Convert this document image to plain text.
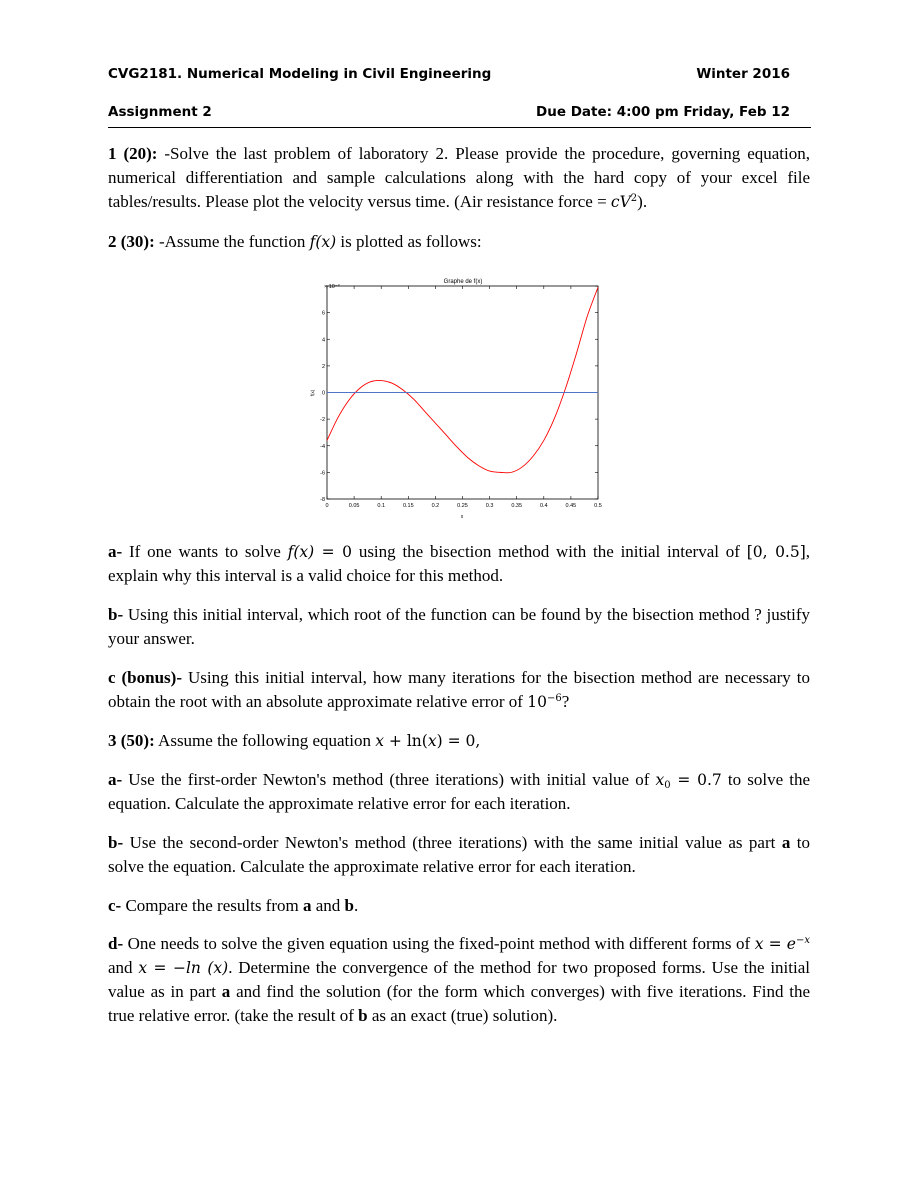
CVG2181. Numerical Modeling in Civil Engineering	Winter 2016
Assignment 2	Due Date: 4:00 pm Friday, Feb 12
1 (20): -Solve the last problem of laboratory 2. Please provide the procedure, governing equation, numerical differentiation and sample calculations along with the hard copy of your excel file tables/results. Please plot the velocity versus time. (Air resistance force = $cV^2$).
2 (30): -Assume the function f(x) is plotted as follows:
0	0.05	0.1	0.15	0.2	0.25	0.3	0.35	0.4	0.45	0.5
-8
-6
-4
-2
0
2
4
6
Graphe de f(x)
× 10⁻³
x
f(x)
a- If one wants to solve f(x) = 0 using the bisection method with the initial interval of [0, 0.5], explain why this interval is a valid choice for this method.
b- Using this initial interval, which root of the function can be found by the bisection method ? justify your answer.
c (bonus)- Using this initial interval, how many iterations for the bisection method are necessary to obtain the root with an absolute approximate relative error of $10^{-6}$?
3 (50): Assume the following equation x + ln(x) = 0,
a- Use the first-order Newton's method (three iterations) with initial value of $x_0 = 0.7$ to solve the equation. Calculate the approximate relative error for each iteration.
b- Use the second-order Newton's method (three iterations) with the same initial value as part a to solve the equation. Calculate the approximate relative error for each iteration.
c- Compare the results from a and b.
d- One needs to solve the given equation using the fixed-point method with different forms of $x = e^{-x}$ and x = −ln (x). Determine the convergence of the method for two proposed forms. Use the initial value as in part a and find the solution (for the form which converges) with five iterations. Find the true relative error. (take the result of b as an exact (true) solution).
